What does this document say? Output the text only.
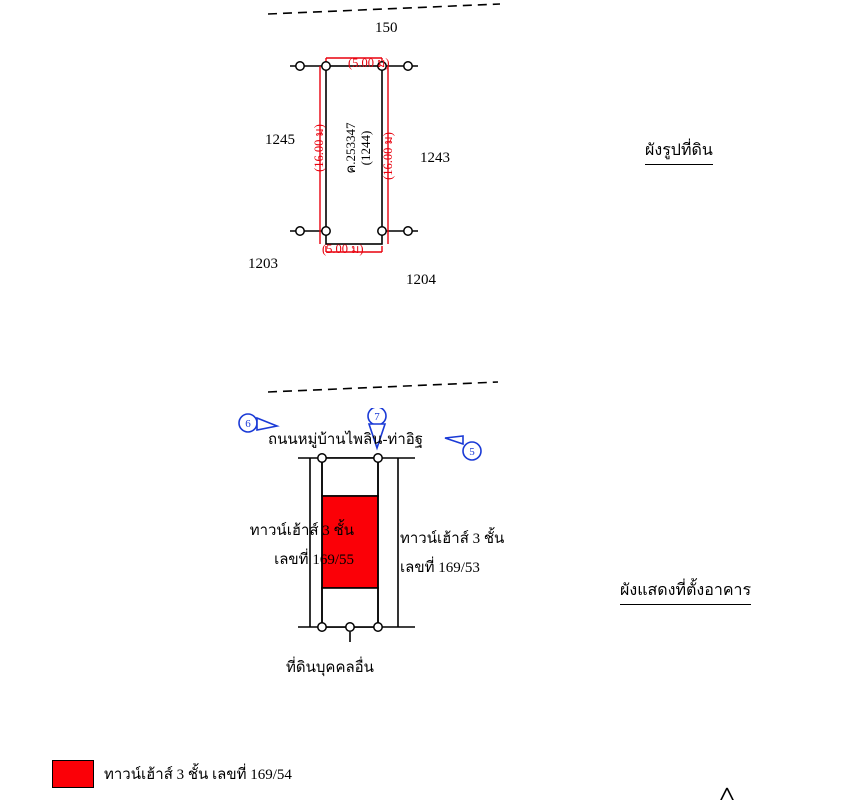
150
1245
1243
1203
1204
(5.00 ม)
(5.00 ม)
(16.00 ม)	(16.00 ม)
ค.253347 (1244)	ผังรูปที่ดิน
6
7
5
ถนนหมู่บ้านไพลิน-ท่าอิฐ
ทาวน์เฮ้าส์ 3 ชั้น
เลขที่ 169/55
ทาวน์เฮ้าส์ 3 ชั้น
เลขที่ 169/53
ที่ดินบุคคลอื่น
ผังแสดงที่ตั้งอาคาร
ทาวน์เฮ้าส์ 3 ชั้น เลขที่ 169/54
